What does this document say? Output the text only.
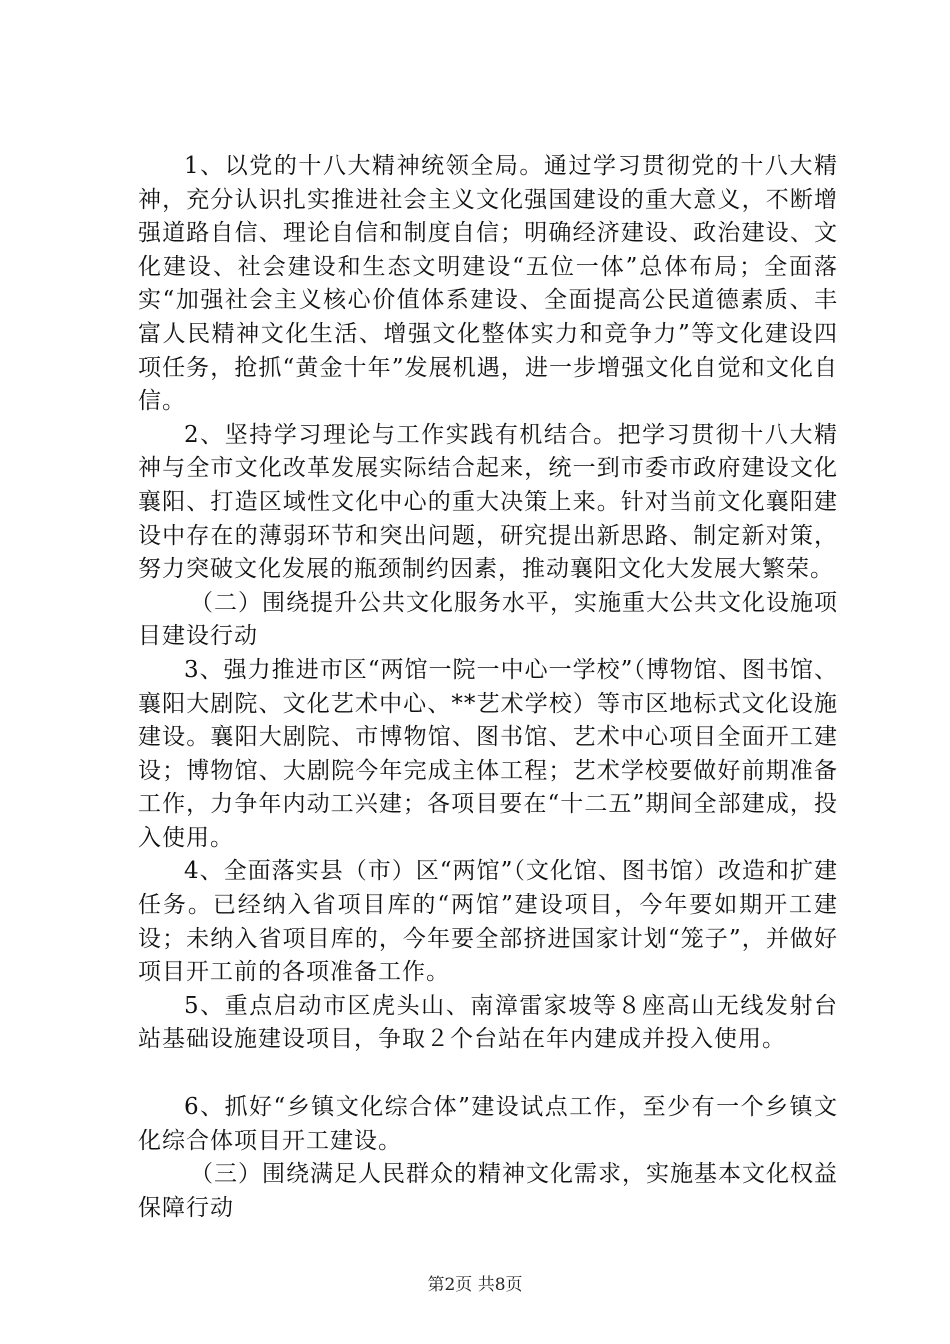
1、以党的十八大精神统领全局。通过学习贯彻党的十八大精神，充分认识扎实推进社会主义文化强国建设的重大意义，不断增强道路自信、理论自信和制度自信；明确经济建设、政治建设、文化建设、社会建设和生态文明建设“五位一体”总体布局；全面落实“加强社会主义核心价值体系建设、全面提高公民道德素质、丰富人民精神文化生活、增强文化整体实力和竞争力”等文化建设四项任务，抢抓“黄金十年”发展机遇，进一步增强文化自觉和文化自信。

2、坚持学习理论与工作实践有机结合。把学习贯彻十八大精神与全市文化改革发展实际结合起来，统一到市委市政府建设文化襄阳、打造区域性文化中心的重大决策上来。针对当前文化襄阳建设中存在的薄弱环节和突出问题，研究提出新思路、制定新对策，努力突破文化发展的瓶颈制约因素，推动襄阳文化大发展大繁荣。

（二）围绕提升公共文化服务水平，实施重大公共文化设施项目建设行动

3、强力推进市区“两馆一院一中心一学校”（博物馆、图书馆、襄阳大剧院、文化艺术中心、**艺术学校）等市区地标式文化设施建设。襄阳大剧院、市博物馆、图书馆、艺术中心项目全面开工建设；博物馆、大剧院今年完成主体工程；艺术学校要做好前期准备工作，力争年内动工兴建；各项目要在“十二五”期间全部建成，投入使用。

4、全面落实县（市）区“两馆”（文化馆、图书馆）改造和扩建任务。已经纳入省项目库的“两馆”建设项目，今年要如期开工建设；未纳入省项目库的，今年要全部挤进国家计划“笼子”，并做好项目开工前的各项准备工作。

5、重点启动市区虎头山、南漳雷家坡等８座高山无线发射台站基础设施建设项目，争取２个台站在年内建成并投入使用。

6、抓好“乡镇文化综合体”建设试点工作，至少有一个乡镇文化综合体项目开工建设。

（三）围绕满足人民群众的精神文化需求，实施基本文化权益保障行动

第2页 共8页
